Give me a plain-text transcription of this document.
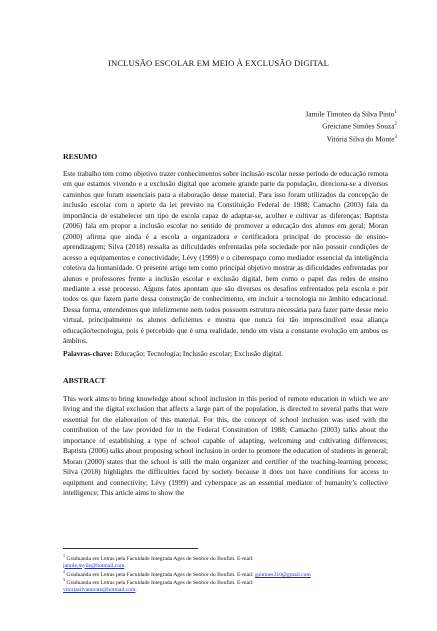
INCLUSÃO ESCOLAR EM MEIO À EXCLUSÃO DIGITAL
Jamile Timoteo da Silva Pinto$^1$
Greiciane Simões Souza$^2$
Vitória Silva do Monte$^3$
RESUMO
Este trabalho tem como objetivo trazer conhecimentos sobre inclusão escolar nesse período de educação remota em que estamos vivendo e a exclusão digital que acomete grande parte da população, direciona-se a diversos caminhos que foram essenciais para a elaboração desse material. Para isso foram utilizados da concepção de inclusão escolar com o aporte da lei previsto na Constituição Federal de 1988; Camacho (2003) fala da importância de estabelecer um tipo de escola capaz de adaptar-se, acolher e cultivar as diferenças; Baptista (2006) fala em propor a inclusão escolar no sentido de promover a educação dos alunos em geral; Moran (2000) afirma que ainda é a escola a organizadora e certificadora principal do processo de ensino-aprendizagem; Silva (2018) ressalta as dificuldades enfrentadas pela sociedade por não possuir condições de acesso a equipamentos e conectividade; Lévy (1999) e o ciberespaço como mediador essencial da inteligência coletiva da humanidade. O presente artigo tem como principal objetivo mostrar as dificuldades enfrentadas por alunos e professores frente a inclusão escolar e exclusão digital, bem como o papel das redes de ensino mediante a esse processo. Alguns fatos apontam que são diversos os desafios enfrentados pela escola e por todos os que fazem parte dessa construção de conhecimento, em incluir a tecnologia no âmbito educacional. Dessa forma, entendemos que infelizmente nem todos possuem estrutura necessária para fazer parte desse meio virtual, principalmente os alunos deficientes e mostra que nunca foi tão imprescindível essa aliança educação/tecnologia, pois é percebido que é uma realidade, tendo em vista a constante evolução em ambos os âmbitos.
Palavras-chave: Educação; Tecnologia; Inclusão escolar; Exclusão digital.
ABSTRACT
This work aims to bring knowledge about school inclusion in this period of remote education in which we are living and the digital exclusion that affects a large part of the population, is directed to several paths that were essential for the elaboration of this material. For this, the concept of school inclusion was used with the contribution of the law provided for in the Federal Constitution of 1988; Camacho (2003) talks about the importance of establishing a type of school capable of adapting, welcoming and cultivating differences; Baptista (2006) talks about proposing school inclusion in order to promote the education of students in general; Moran (2000) states that the school is still the main organizer and certifier of the teaching-learning process; Silva (2018) highlights the difficulties faced by society because it does not have conditions for access to equipment and connectivity; Lévy (1999) and cyberspace as an essential mediator of humanity’s collective intelligence; This article aims to show the
$^1$ Graduanda em Letras pela Faculdade Integrada Ages de Senhor do Bonfim. E-mail:
jamile.mylie@hotmail.com.
$^2$ Graduanda em Letras pela Faculdade Integrada Ages de Senhor do Bonfim. E-mail: gsimoes310@gmail.com
$^3$ Graduanda em Letras pela Faculdade Integrada Ages de Senhor do Bonfim. E-mail:
vitoriasilvamonte@hotmail.com.
